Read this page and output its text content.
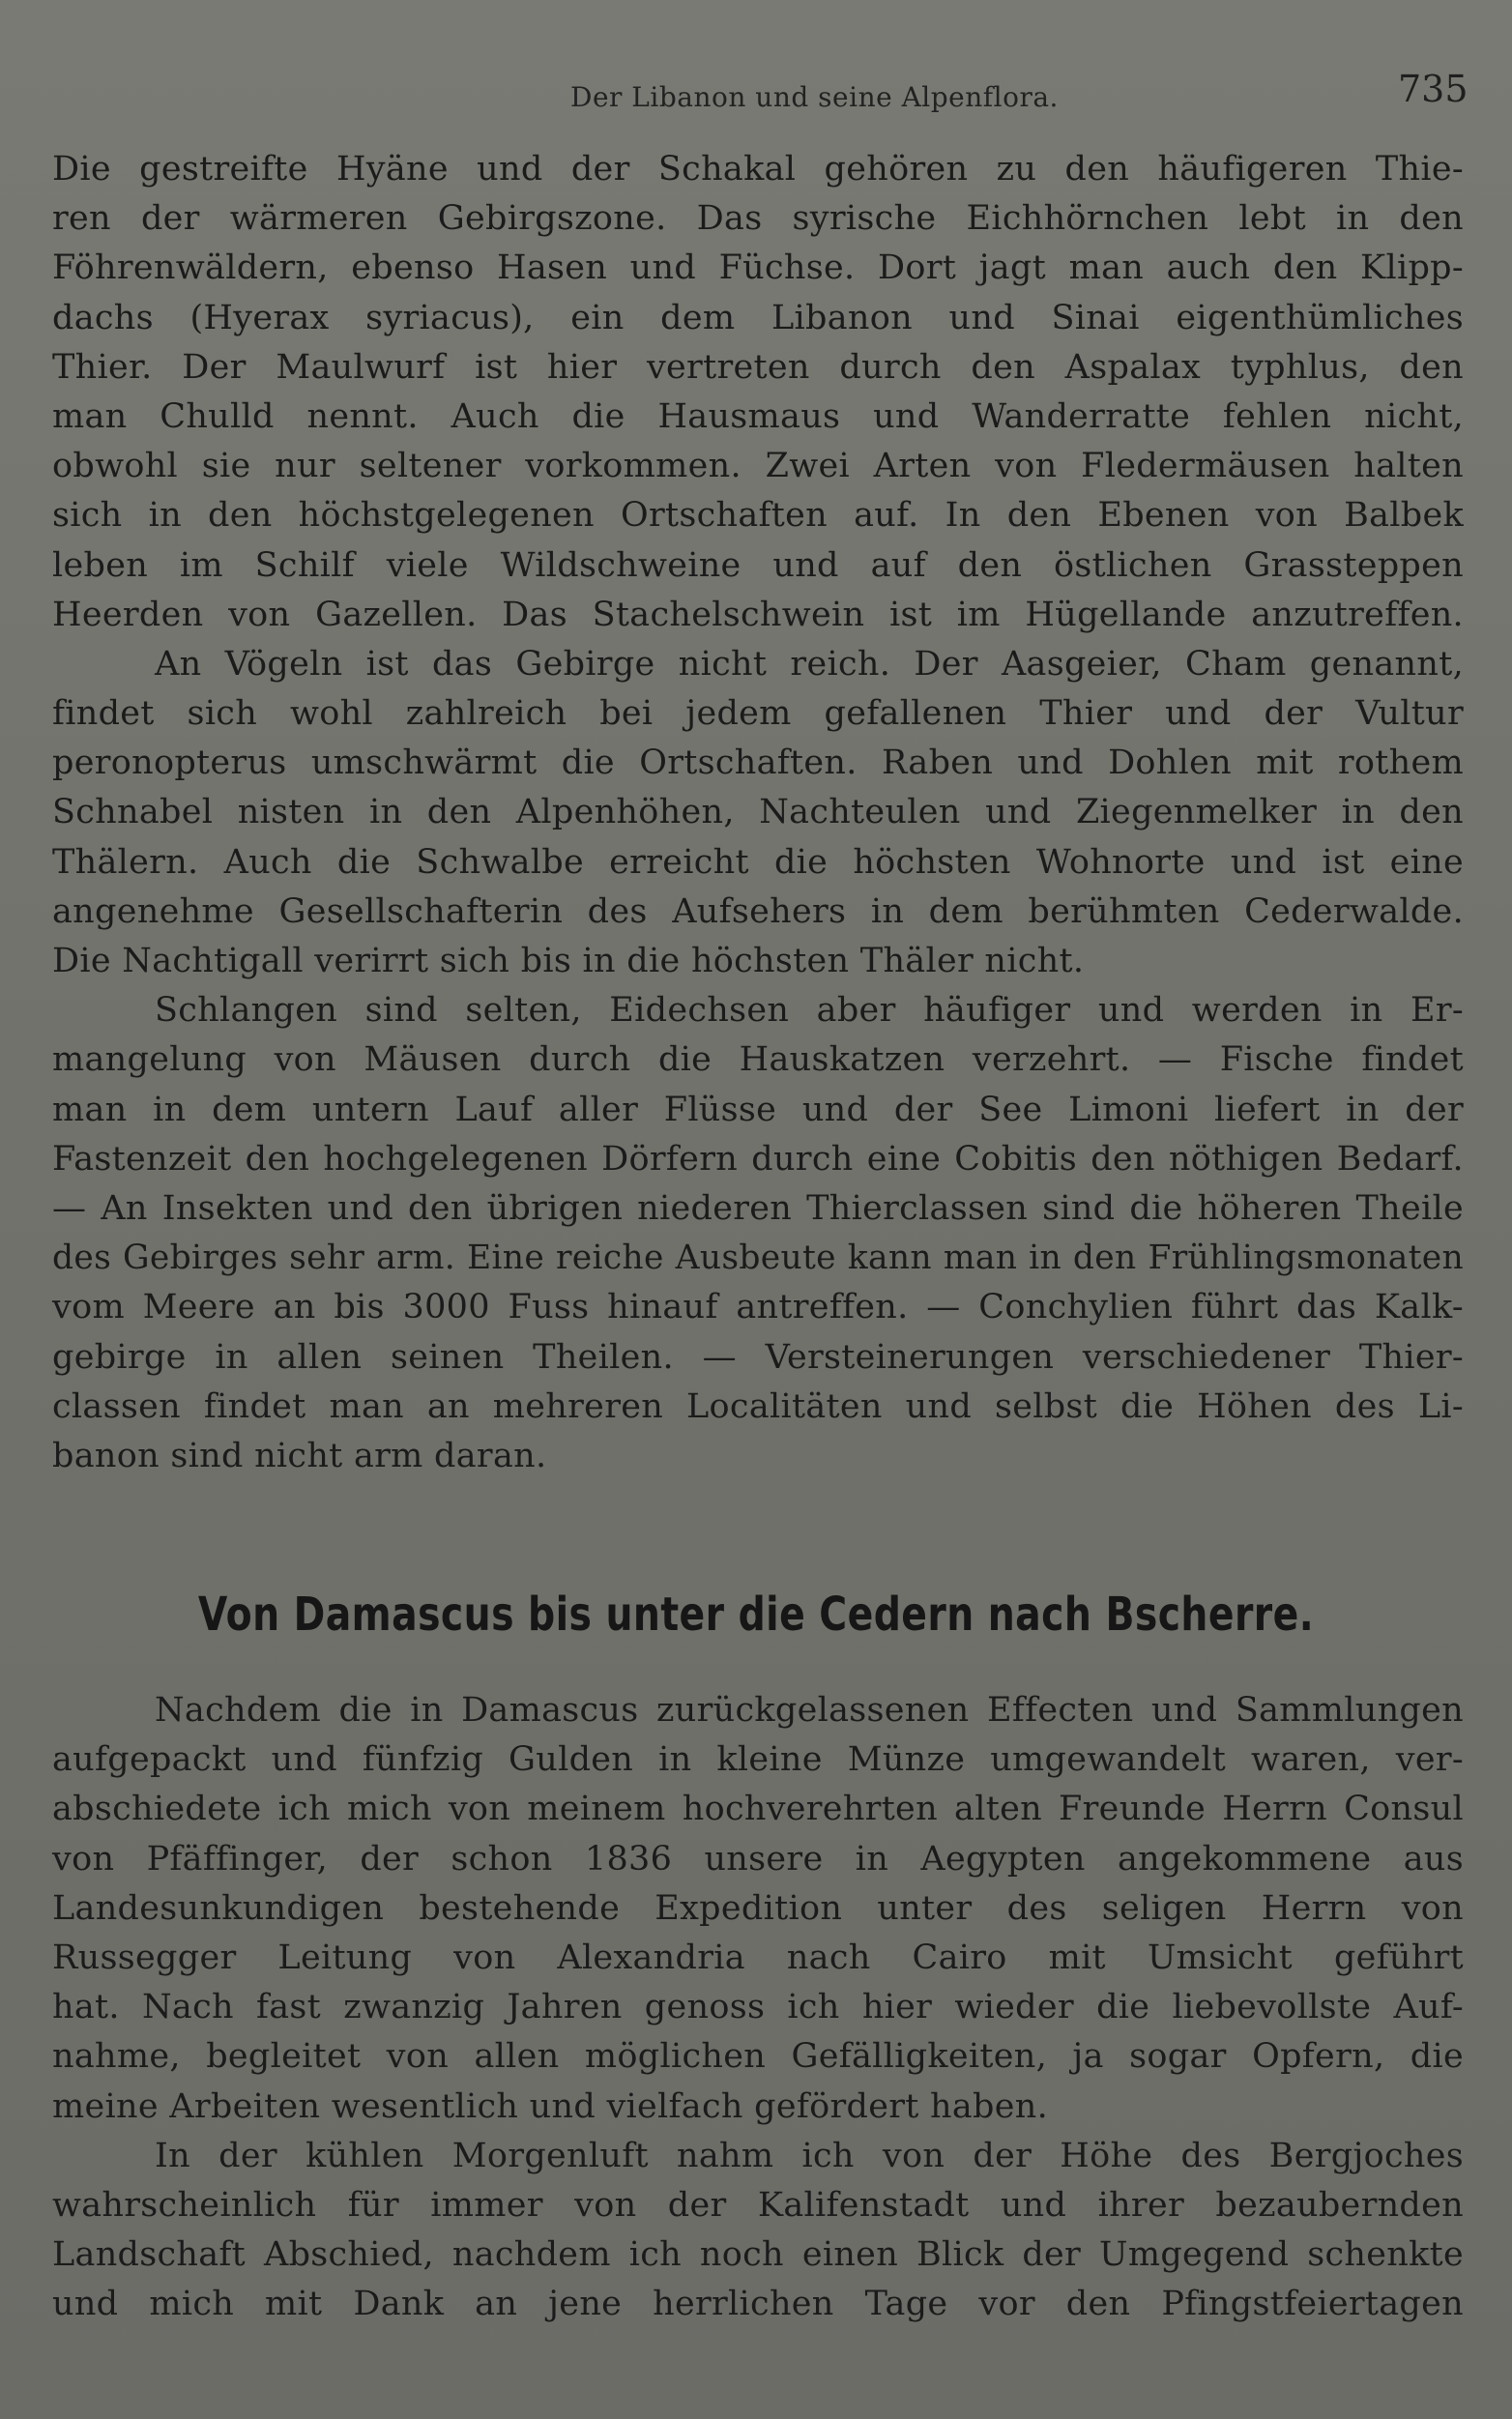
Der Libanon und seine Alpenflora.	735
Die gestreifte Hyäne und der Schakal gehören zu den häufigeren Thie-
ren der wärmeren Gebirgszone. Das syrische Eichhörnchen lebt in den
Föhrenwäldern, ebenso Hasen und Füchse. Dort jagt man auch den Klipp-
dachs (Hyerax syriacus), ein dem Libanon und Sinai eigenthümliches
Thier. Der Maulwurf ist hier vertreten durch den Aspalax typhlus, den
man Chulld nennt. Auch die Hausmaus und Wanderratte fehlen nicht,
obwohl sie nur seltener vorkommen. Zwei Arten von Fledermäusen halten
sich in den höchstgelegenen Ortschaften auf. In den Ebenen von Balbek
leben im Schilf viele Wildschweine und auf den östlichen Grassteppen
Heerden von Gazellen. Das Stachelschwein ist im Hügellande anzutreffen.
An Vögeln ist das Gebirge nicht reich. Der Aasgeier, Cham genannt,
findet sich wohl zahlreich bei jedem gefallenen Thier und der Vultur
peronopterus umschwärmt die Ortschaften. Raben und Dohlen mit rothem
Schnabel nisten in den Alpenhöhen, Nachteulen und Ziegenmelker in den
Thälern. Auch die Schwalbe erreicht die höchsten Wohnorte und ist eine
angenehme Gesellschafterin des Aufsehers in dem berühmten Cederwalde.
Die Nachtigall verirrt sich bis in die höchsten Thäler nicht.
Schlangen sind selten, Eidechsen aber häufiger und werden in Er-
mangelung von Mäusen durch die Hauskatzen verzehrt. — Fische findet
man in dem untern Lauf aller Flüsse und der See Limoni liefert in der
Fastenzeit den hochgelegenen Dörfern durch eine Cobitis den nöthigen Bedarf.
— An Insekten und den übrigen niederen Thierclassen sind die höheren Theile
des Gebirges sehr arm. Eine reiche Ausbeute kann man in den Frühlingsmonaten
vom Meere an bis 3000 Fuss hinauf antreffen. — Conchylien führt das Kalk-
gebirge in allen seinen Theilen. — Versteinerungen verschiedener Thier-
classen findet man an mehreren Localitäten und selbst die Höhen des Li-
banon sind nicht arm daran.
Von Damascus bis unter die Cedern nach Bscherre.
Nachdem die in Damascus zurückgelassenen Effecten und Sammlungen
aufgepackt und fünfzig Gulden in kleine Münze umgewandelt waren, ver-
abschiedete ich mich von meinem hochverehrten alten Freunde Herrn Consul
von Pfäffinger, der schon 1836 unsere in Aegypten angekommene aus
Landesunkundigen bestehende Expedition unter des seligen Herrn von
Russegger Leitung von Alexandria nach Cairo mit Umsicht geführt
hat. Nach fast zwanzig Jahren genoss ich hier wieder die liebevollste Auf-
nahme, begleitet von allen möglichen Gefälligkeiten, ja sogar Opfern, die
meine Arbeiten wesentlich und vielfach gefördert haben.
In der kühlen Morgenluft nahm ich von der Höhe des Bergjoches
wahrscheinlich für immer von der Kalifenstadt und ihrer bezaubernden
Landschaft Abschied, nachdem ich noch einen Blick der Umgegend schenkte
und mich mit Dank an jene herrlichen Tage vor den Pfingstfeiertagen
